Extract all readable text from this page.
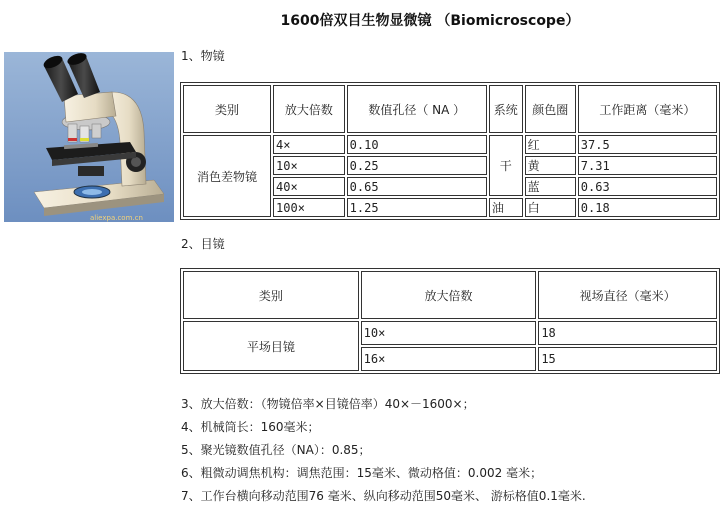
1600倍双目生物显微镜 （Biomicroscope）
aliexpa.com.cn
1、物镜
类别	放大倍数	数值孔径（ NA ）	系统	颜色圈	工作距离（毫米）
消色差物镜	4×	0.10	干	红	37.5
	10×	0.25		黄	7.31
	40×	0.65		蓝	0.63
	100×	1.25	油	白	0.18
2、目镜
类别	放大倍数	视场直径（毫米）
平场目镜	10×	18
	16×	15
3、放大倍数：（物镜倍率×目镜倍率）40×－1600×；
4、机械筒长：160毫米；
5、聚光镜数值孔径（NA）：0.85；
6、粗微动调焦机构：调焦范围：15毫米、微动格值：0.002 毫米；
7、工作台横向移动范围76 毫米、纵向移动范围50毫米、 游标格值0.1毫米.
